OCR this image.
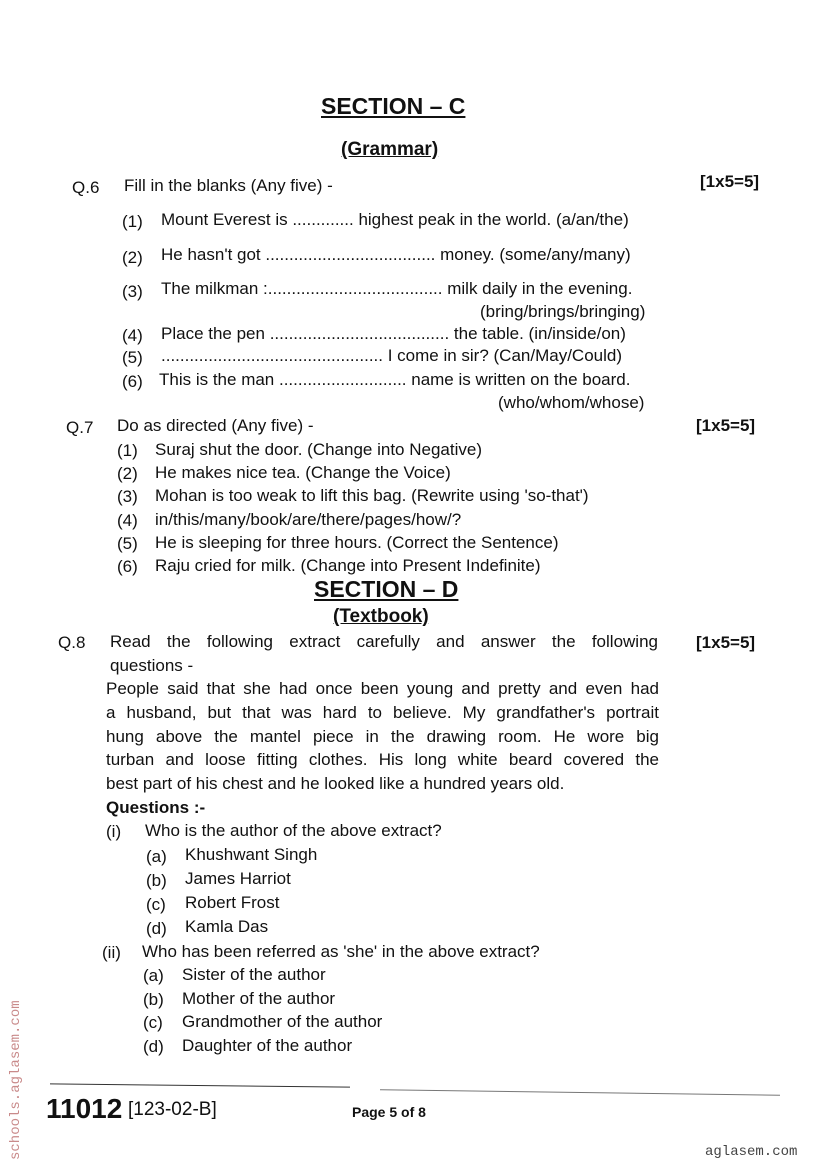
SECTION – C
(Grammar)
Q.6 Fill in the blanks (Any five) -	[1x5=5]
(1) Mount Everest is ............. highest peak in the world. (a/an/the)
(2) He hasn't got .................................... money. (some/any/many)
(3) The milkman :..................................... milk daily in the evening.
(bring/brings/bringing)
(4) Place the pen ...................................... the table. (in/inside/on)
(5) ............................................... I come in sir? (Can/May/Could)
(6) This is the man ........................... name is written on the board.
(who/whom/whose)
Q.7 Do as directed (Any five) -	[1x5=5]
(1) Suraj shut the door. (Change into Negative)
(2) He makes nice tea. (Change the Voice)
(3) Mohan is too weak to lift this bag. (Rewrite using 'so-that')
(4) in/this/many/book/are/there/pages/how/?
(5) He is sleeping for three hours. (Correct the Sentence)
(6) Raju cried for milk. (Change into Present Indefinite)
SECTION – D
(Textbook)
Q.8 Read the following extract carefully and answer the following
questions -
[1x5=5]
People said that she had once been young and pretty and even had
a husband, but that was hard to believe. My grandfather's portrait
hung above the mantel piece in the drawing room. He wore big
turban and loose fitting clothes. His long white beard covered the
best part of his chest and he looked like a hundred years old.
Questions :-
(i) Who is the author of the above extract?
(a) Khushwant Singh
(b) James Harriot
(c) Robert Frost
(d) Kamla Das
(ii) Who has been referred as 'she' in the above extract?
(a) Sister of the author
(b) Mother of the author
(c) Grandmother of the author
(d) Daughter of the author
11012 [123-02-B]	Page 5 of 8
schools.aglasem.com	aglasem.com
